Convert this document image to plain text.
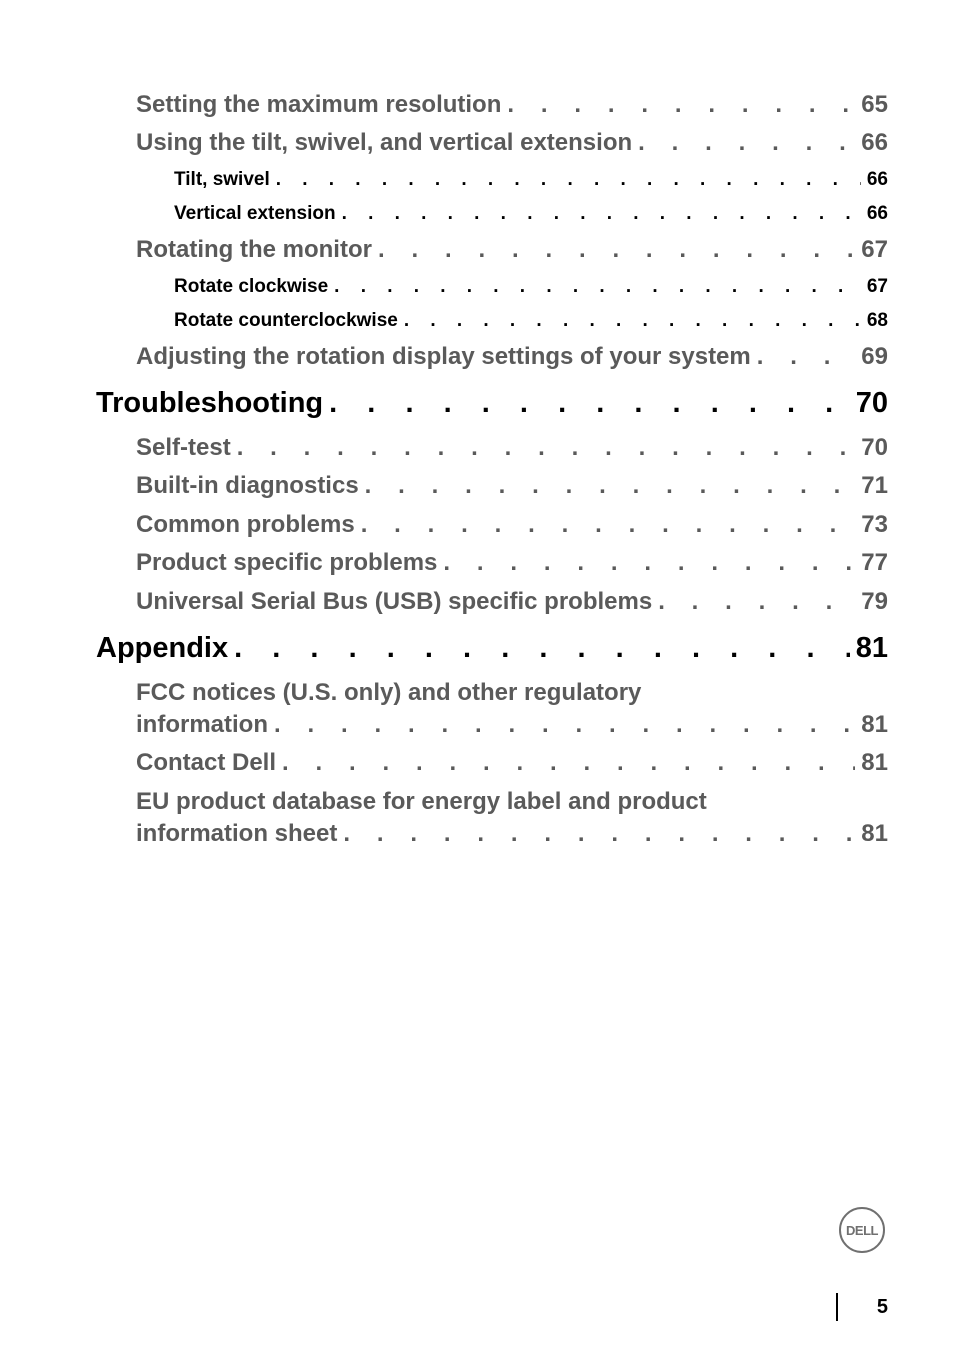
Setting the maximum resolution . . .	65
Using the tilt, swivel, and vertical extension . . .	66
Tilt, swivel . . .	66
Vertical extension . . .	66
Rotating the monitor . . .	67
Rotate clockwise . . .	67
Rotate counterclockwise . . .	68
Adjusting the rotation display settings of your system . . .	69
Troubleshooting . . .	70
Self-test . . .	70
Built-in diagnostics . . .	71
Common problems . . .	73
Product specific problems . . .	77
Universal Serial Bus (USB) specific problems . . .	79
Appendix . . .	81
FCC notices (U.S. only) and other regulatory
information . . .	81
Contact Dell . . .	81
EU product database for energy label and product
information sheet . . .	81
DELL
5
